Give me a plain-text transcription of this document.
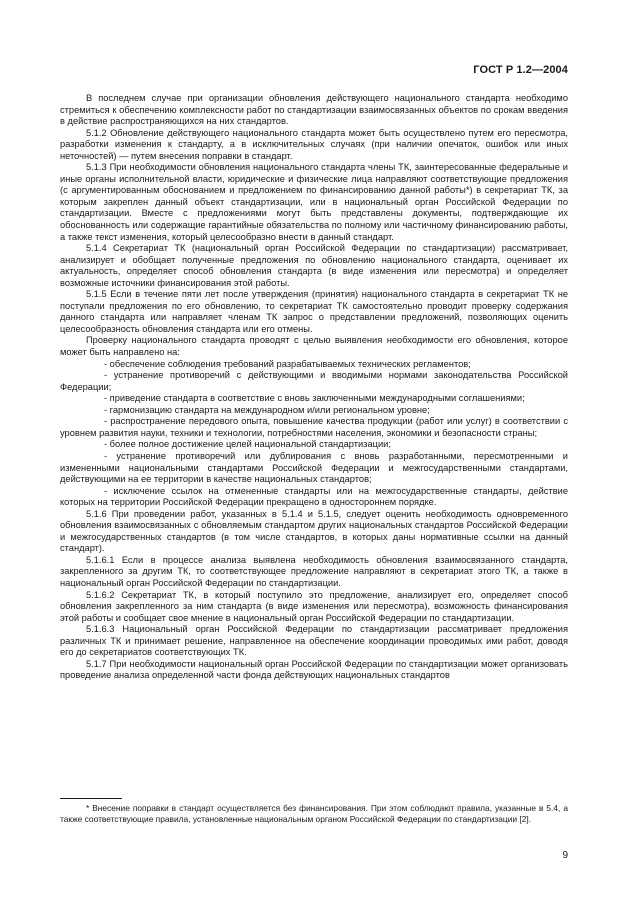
ГОСТ Р 1.2—2004

В последнем случае при организации обновления действующего национального стандарта необходимо стремиться к обеспечению комплексности работ по стандартизации взаимосвязанных объектов по срокам введения в действие распространяющихся на них стандартов.

5.1.2 Обновление действующего национального стандарта может быть осуществлено путем его пересмотра, разработки изменения к стандарту, а в исключительных случаях (при наличии опечаток, ошибок или иных неточностей) — путем внесения поправки в стандарт.

5.1.3 При необходимости обновления национального стандарта члены ТК, заинтересованные федеральные и иные органы исполнительной власти, юридические и физические лица направляют соответствующие предложения (с аргументированным обоснованием и предложением по финансированию данной работы*) в секретариат ТК, за которым закреплен данный объект стандартизации, или в национальный орган Российской Федерации по стандартизации. Вместе с предложениями могут быть представлены документы, подтверждающие их обоснованность или содержащие гарантийные обязательства по полному или частичному финансированию работы, а также текст изменения, который целесообразно внести в данный стандарт.

5.1.4 Секретариат ТК (национальный орган Российской Федерации по стандартизации) рассматривает, анализирует и обобщает полученные предложения по обновлению национального стандарта, оценивает их актуальность, определяет способ обновления стандарта (в виде изменения или пересмотра) и определяет возможные источники финансирования этой работы.

5.1.5 Если в течение пяти лет после утверждения (принятия) национального стандарта в секретариат ТК не поступали предложения по его обновлению, то секретариат ТК самостоятельно проводит проверку содержания данного стандарта или направляет членам ТК запрос о представлении предложений, позволяющих оценить целесообразность обновления стандарта или его отмены.

Проверку национального стандарта проводят с целью выявления необходимости его обновления, которое может быть направлено на:

- обеспечение соблюдения требований разрабатываемых технических регламентов;

- устранение противоречий с действующими и вводимыми нормами законодательства Российской Федерации;

- приведение стандарта в соответствие с вновь заключенными международными соглашениями;

- гармонизацию стандарта на международном и/или региональном уровне;

- распространение передового опыта, повышение качества продукции (работ или услуг) в соответствии с уровнем развития науки, техники и технологии, потребностями населения, экономики и безопасности страны;

- более полное достижение целей национальной стандартизации;

- устранение противоречий или дублирования с вновь разработанными, пересмотренными и измененными национальными стандартами Российской Федерации и межгосударственными стандартами, действующими на ее территории в качестве национальных стандартов;

- исключение ссылок на отмененные стандарты или на межгосударственные стандарты, действие которых на территории Российской Федерации прекращено в одностороннем порядке.

5.1.6 При проведении работ, указанных в 5.1.4 и 5.1.5, следует оценить необходимость одновременного обновления взаимосвязанных с обновляемым стандартом других национальных стандартов Российской Федерации и межгосударственных стандартов (в том числе стандартов, в которых даны нормативные ссылки на данный стандарт).

5.1.6.1 Если в процессе анализа выявлена необходимость обновления взаимосвязанного стандарта, закрепленного за другим ТК, то соответствующее предложение направляют в секретариат этого ТК, а также в национальный орган Российской Федерации по стандартизации.

5.1.6.2 Секретариат ТК, в который поступило это предложение, анализирует его, определяет способ обновления закрепленного за ним стандарта (в виде изменения или пересмотра), возможность финансирования этой работы и сообщает свое мнение в национальный орган Российской Федерации по стандартизации.

5.1.6.3 Национальный орган Российской Федерации по стандартизации рассматривает предложения различных ТК и принимает решение, направленное на обеспечение координации проводимых ими работ, доводя его до секретариатов соответствующих ТК.

5.1.7 При необходимости национальный орган Российской Федерации по стандартизации может организовать проведение анализа определенной части фонда действующих национальных стандартов

* Внесение поправки в стандарт осуществляется без финансирования. При этом соблюдают правила, указанные в 5.4, а также соответствующие правила, установленные национальным органом Российской Федерации по стандартизации [2].

9
